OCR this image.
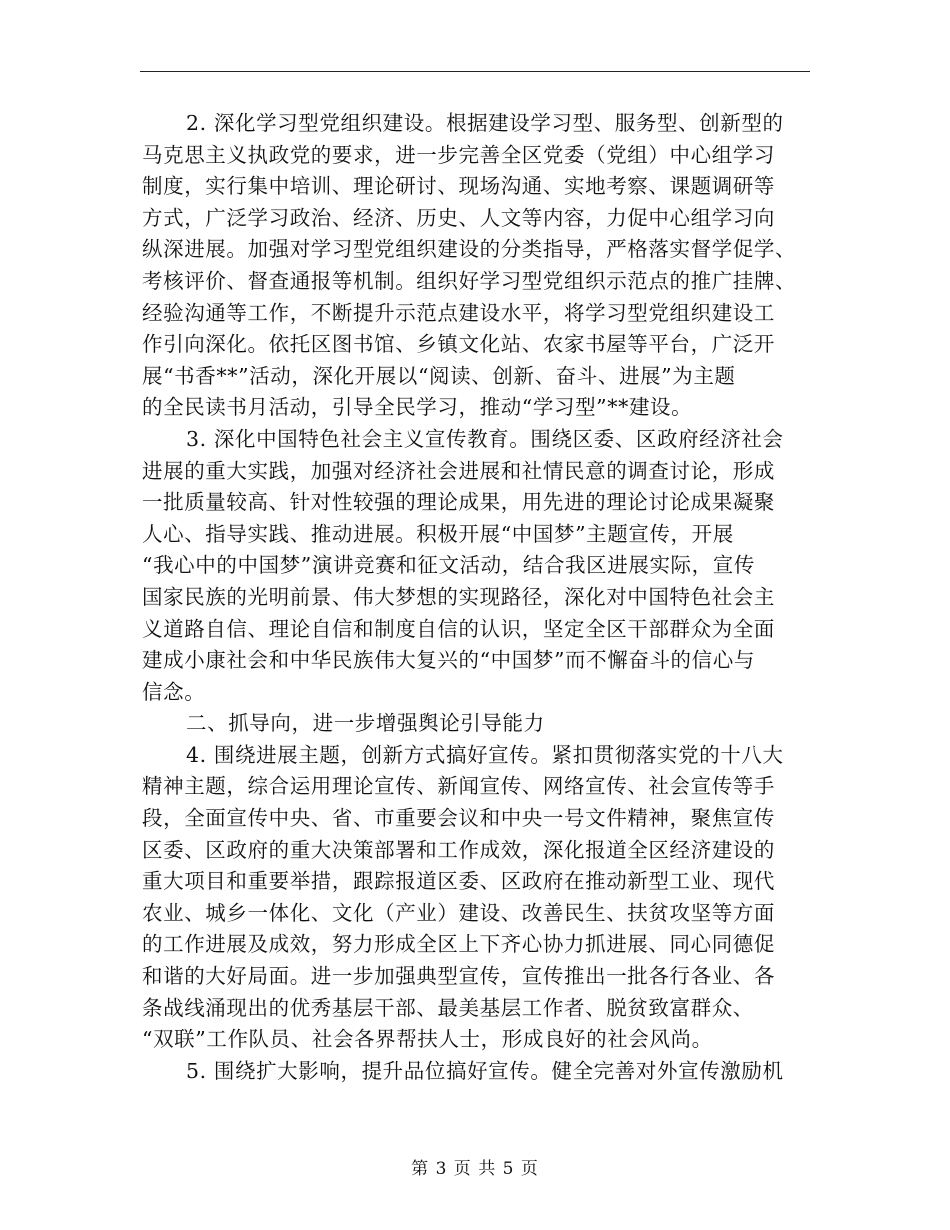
2. 深化学习型党组织建设。根据建设学习型、服务型、创新型的
马克思主义执政党的要求，进一步完善全区党委（党组）中心组学习
制度，实行集中培训、理论研讨、现场沟通、实地考察、课题调研等
方式，广泛学习政治、经济、历史、人文等内容，力促中心组学习向
纵深进展。加强对学习型党组织建设的分类指导，严格落实督学促学、
考核评价、督查通报等机制。组织好学习型党组织示范点的推广挂牌、
经验沟通等工作，不断提升示范点建设水平，将学习型党组织建设工
作引向深化。依托区图书馆、乡镇文化站、农家书屋等平台，广泛开
展“书香**”活动，深化开展以“阅读、创新、奋斗、进展”为主题
的全民读书月活动，引导全民学习，推动“学习型”**建设。
3. 深化中国特色社会主义宣传教育。围绕区委、区政府经济社会
进展的重大实践，加强对经济社会进展和社情民意的调查讨论，形成
一批质量较高、针对性较强的理论成果，用先进的理论讨论成果凝聚
人心、指导实践、推动进展。积极开展“中国梦”主题宣传，开展
“我心中的中国梦”演讲竞赛和征文活动，结合我区进展实际，宣传
国家民族的光明前景、伟大梦想的实现路径，深化对中国特色社会主
义道路自信、理论自信和制度自信的认识，坚定全区干部群众为全面
建成小康社会和中华民族伟大复兴的“中国梦”而不懈奋斗的信心与
信念。
二、抓导向，进一步增强舆论引导能力
4. 围绕进展主题，创新方式搞好宣传。紧扣贯彻落实党的十八大
精神主题，综合运用理论宣传、新闻宣传、网络宣传、社会宣传等手
段，全面宣传中央、省、市重要会议和中央一号文件精神，聚焦宣传
区委、区政府的重大决策部署和工作成效，深化报道全区经济建设的
重大项目和重要举措，跟踪报道区委、区政府在推动新型工业、现代
农业、城乡一体化、文化（产业）建设、改善民生、扶贫攻坚等方面
的工作进展及成效，努力形成全区上下齐心协力抓进展、同心同德促
和谐的大好局面。进一步加强典型宣传，宣传推出一批各行各业、各
条战线涌现出的优秀基层干部、最美基层工作者、脱贫致富群众、
“双联”工作队员、社会各界帮扶人士，形成良好的社会风尚。
5. 围绕扩大影响，提升品位搞好宣传。健全完善对外宣传激励机
第 3 页 共 5 页
